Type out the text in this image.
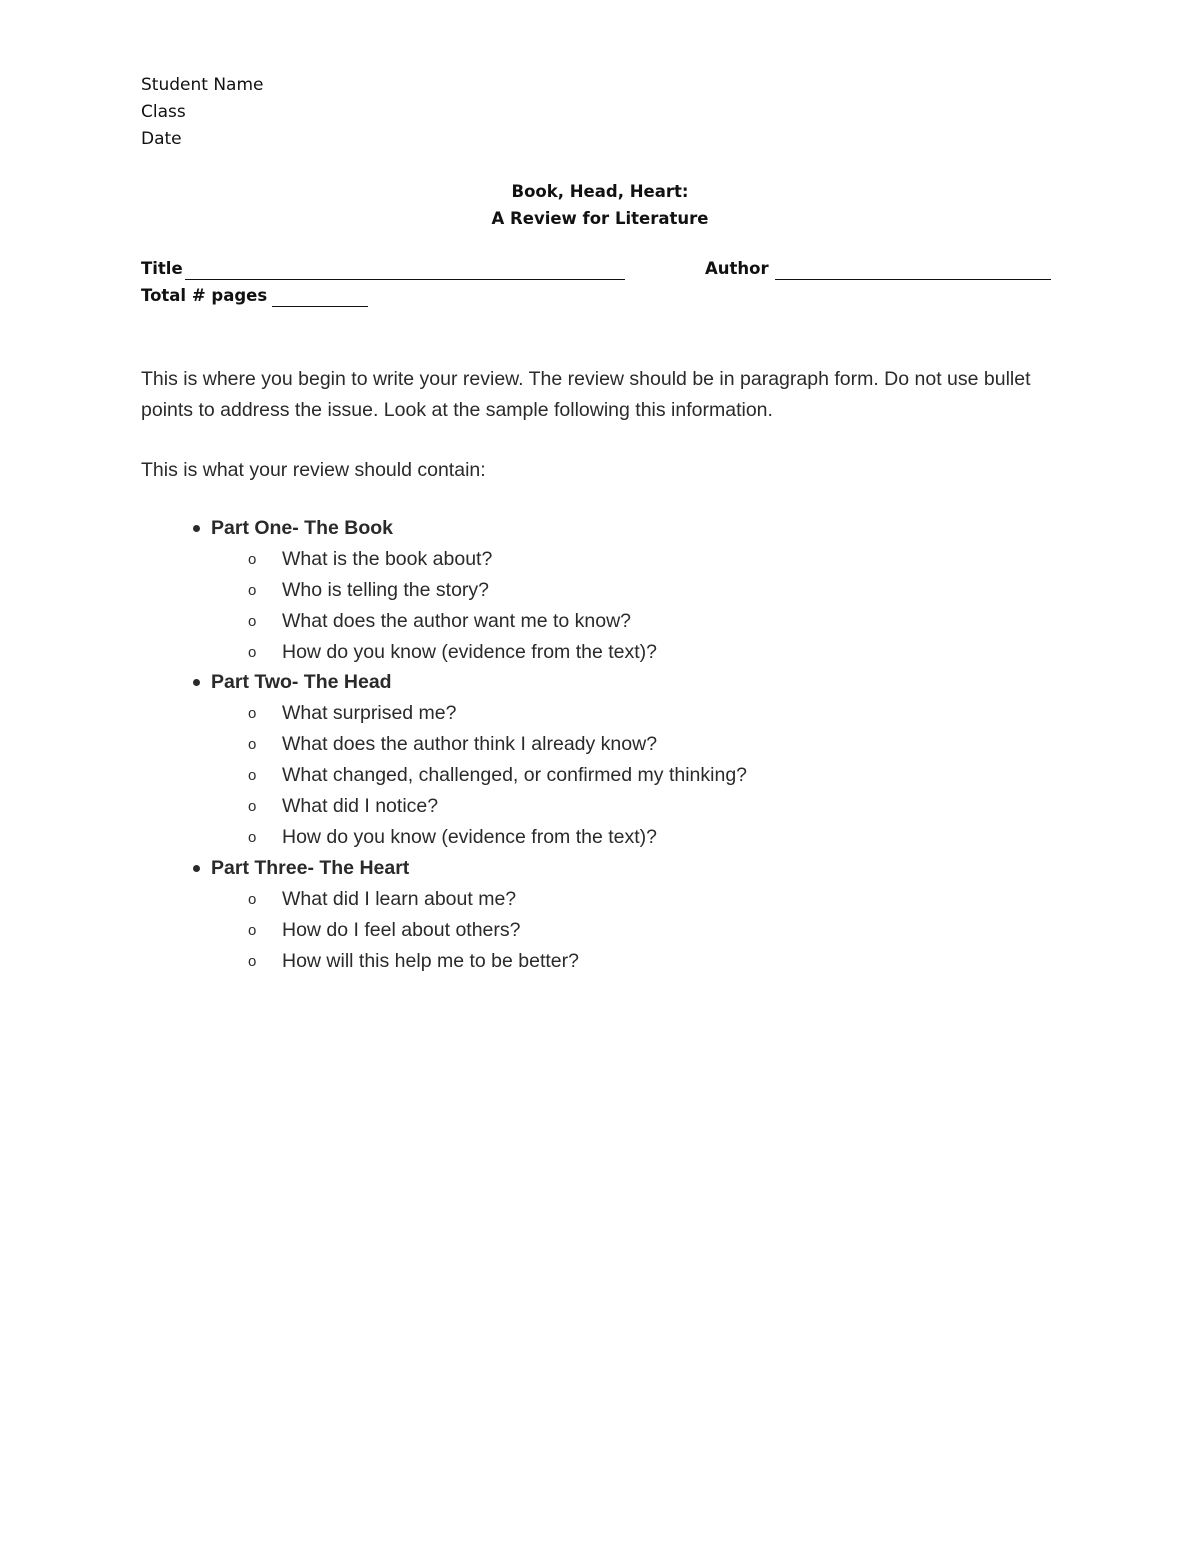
Student Name
Class
Date
Book, Head, Heart:
A Review for Literature
Title	Author
Total # pages
This is where you begin to write your review. The review should be in paragraph form. Do not use bullet points to address the issue. Look at the sample following this information.
This is what your review should contain:
Part One- The Book
o	What is the book about?
o	Who is telling the story?
o	What does the author want me to know?
o	How do you know (evidence from the text)?
Part Two- The Head
o	What surprised me?
o	What does the author think I already know?
o	What changed, challenged, or confirmed my thinking?
o	What did I notice?
o	How do you know (evidence from the text)?
Part Three- The Heart
o	What did I learn about me?
o	How do I feel about others?
o	How will this help me to be better?
